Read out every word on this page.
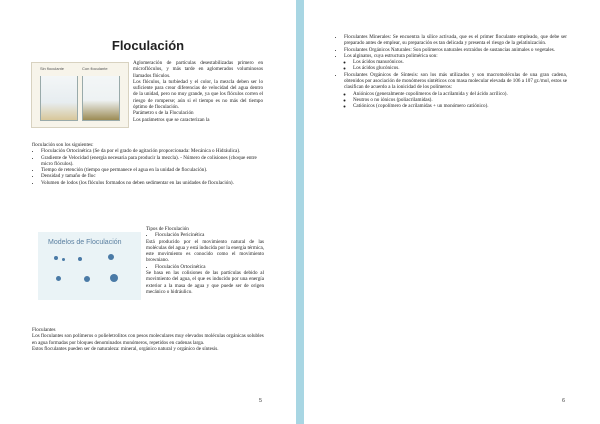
Floculación
Sin floculante	Con floculante

Aglomeración de partículas desestabilizadas primero en microflóculos, y más tarde en aglomerados voluminosos llamados flóculos.

Los flóculos, la turbiedad y el color, la mezcla deben ser lo suficiente para crear diferencias de velocidad del agua dentro de la unidad, pero no muy grande, ya que los flóculos corren el riesgo de romperse; aún si el tiempo es no más del tiempo óptimo de floculación.

Parámetro s de la Floculación

Los parámetros que se caracterizan la

floculación son los siguientes:

• Floculación Ortocinética (Se da por el grado de agitación proporcionada: Mecánica o Hidráulica).
• Gradiente de Velocidad (energía necesaria para producir la mezcla). - Número de colisiones (choque entre micro flóculos).
• Tiempo de retención (tiempo que permanece el agua en la unidad de floculación).
• Densidad y tamaño de floc
• Volumen de lodos (los flóculos formados no deben sedimentar en las unidades de floculación).
Modelos de Floculación

Tipos de Floculación

• Floculación Pericinética

Está producido por el movimiento natural de las moléculas del agua y está inducida por la energía térmica, este movimiento es conocido como el movimiento browniano.

• Floculación Ortocinética

Se basa en las colisiones de las partículas debido al movimiento del agua, el que es inducido por una energía exterior a la masa de agua y que puede ser de origen mecánico o hidráulico.

Floculantes

Los floculantes son polímeros o polieletrolitos con pesos moleculares muy elevados moléculas orgánicas solubles en agua formadas por bloques denominados monómeros, repetidos en cadenas larga.

Estos floculantes pueden ser de naturaleza: mineral, orgánico natural y orgánico de síntesis.

5
• Floculantes Minerales: Se encuentra la sílice activada, que es el primer floculante empleado, que debe ser preparado antes de emplear, su preparación es tan delicada y presenta el riesgo de la gelatinización.
• Floculantes Orgánicos Naturales: Son polímeros naturales extraídos de sustancias animales o vegetales.
• Los alginatos, cuya estructura polimérica son:
◦ Los ácidos manurónicos.
◦ Los ácidos glucónicos.
• Floculantes Orgánicos de Síntesis: son los más utilizados y son macromoléculas de una gran cadena, obtenidos por asociación de monómeros sintéticos con masa molecular elevada de 106 a 107 gr./mol, estos se clasifican de acuerdo a la ionicidad de los polímeros:
◦ Aniónicos (generalmente copolímeros de la acrilamida y del ácido acrílico).
◦ Neutros o no iónicos (poliacrilamidas).
◦ Catiónicos (copolímero de acrilamidas + un monómero catiónico).
6
